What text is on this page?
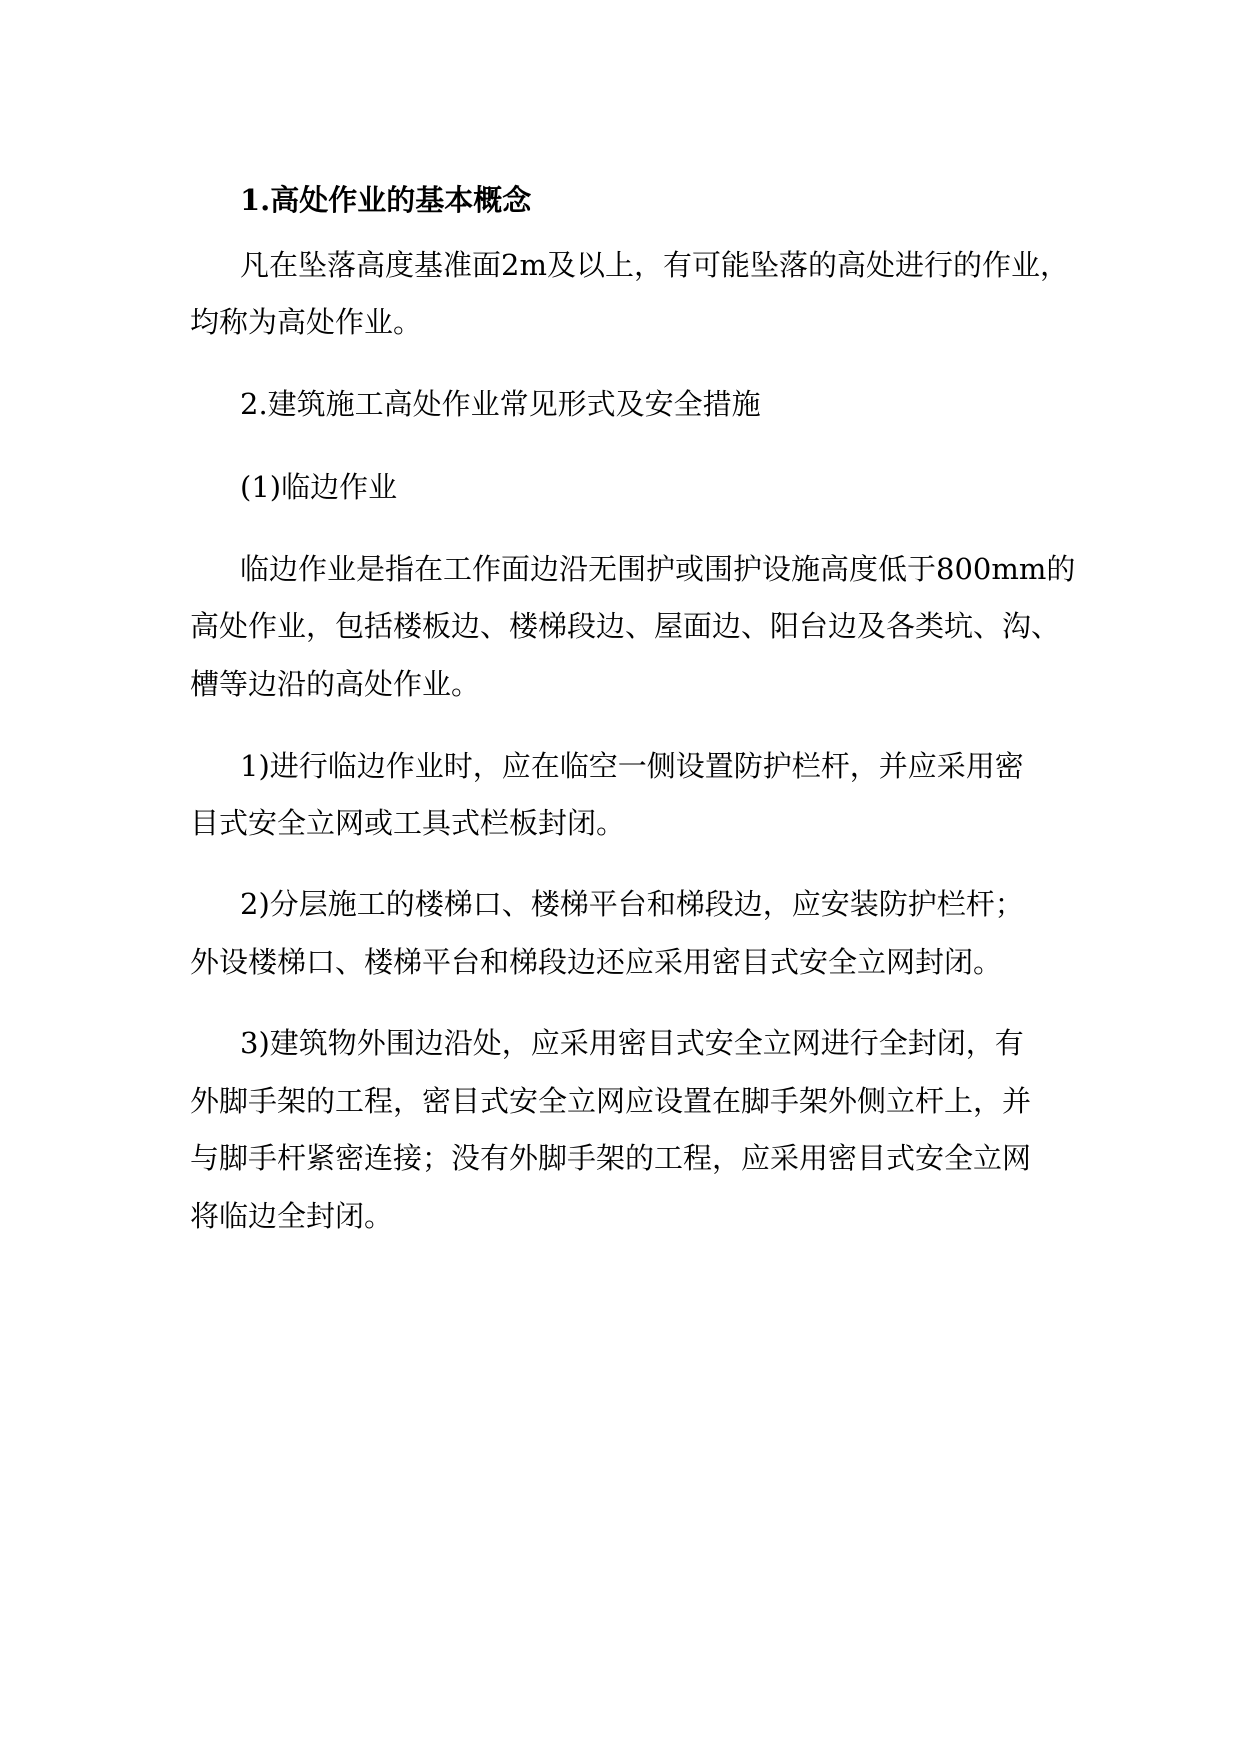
1.高处作业的基本概念
凡在坠落高度基准面2m及以上，有可能坠落的高处进行的作业，
均称为高处作业。
2.建筑施工高处作业常见形式及安全措施
(1)临边作业
临边作业是指在工作面边沿无围护或围护设施高度低于800mm的
高处作业，包括楼板边、楼梯段边、屋面边、阳台边及各类坑、沟、
槽等边沿的高处作业。
1)进行临边作业时，应在临空一侧设置防护栏杆，并应采用密
目式安全立网或工具式栏板封闭。
2)分层施工的楼梯口、楼梯平台和梯段边，应安装防护栏杆；
外设楼梯口、楼梯平台和梯段边还应采用密目式安全立网封闭。
3)建筑物外围边沿处，应采用密目式安全立网进行全封闭，有
外脚手架的工程，密目式安全立网应设置在脚手架外侧立杆上，并
与脚手杆紧密连接；没有外脚手架的工程，应采用密目式安全立网
将临边全封闭。
